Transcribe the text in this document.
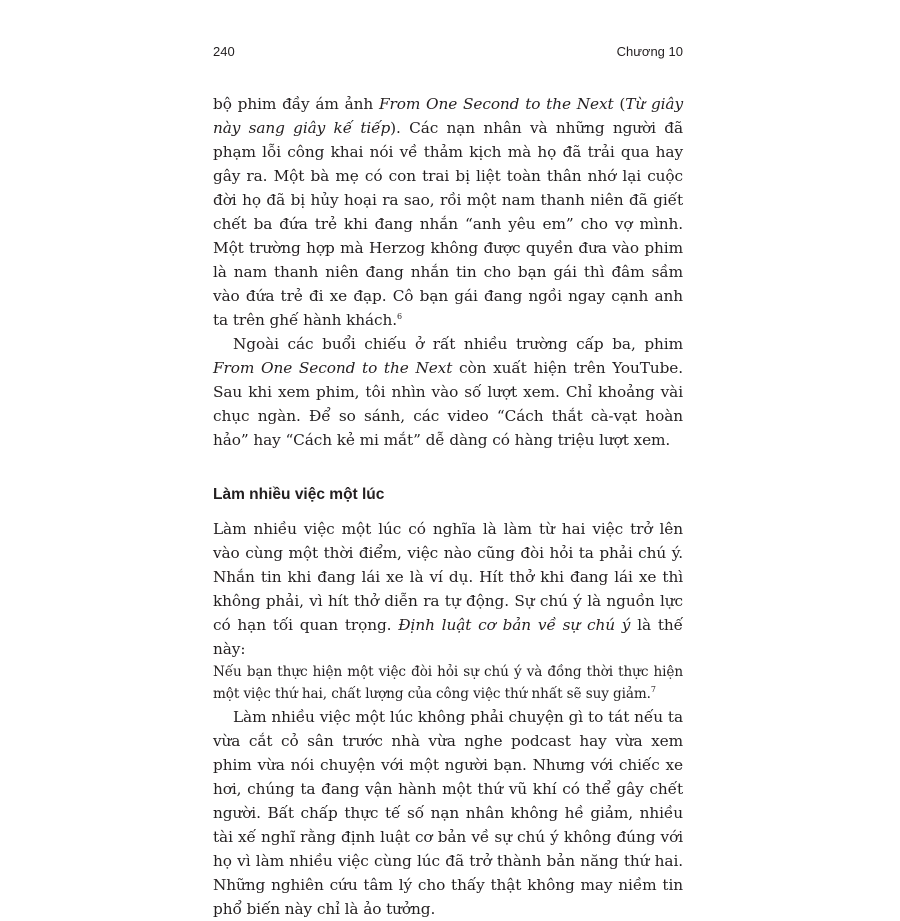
240	Chương 10

bộ phim đầy ám ảnh From One Second to the Next (Từ giây này sang giây kế tiếp). Các nạn nhân và những người đã phạm lỗi công khai nói về thảm kịch mà họ đã trải qua hay gây ra. Một bà mẹ có con trai bị liệt toàn thân nhớ lại cuộc đời họ đã bị hủy hoại ra sao, rồi một nam thanh niên đã giết chết ba đứa trẻ khi đang nhắn “anh yêu em” cho vợ mình. Một trường hợp mà Herzog không được quyền đưa vào phim là nam thanh niên đang nhắn tin cho bạn gái thì đâm sầm vào đứa trẻ đi xe đạp. Cô bạn gái đang ngồi ngay cạnh anh ta trên ghế hành khách.$^6$

Ngoài các buổi chiếu ở rất nhiều trường cấp ba, phim From One Second to the Next còn xuất hiện trên YouTube. Sau khi xem phim, tôi nhìn vào số lượt xem. Chỉ khoảng vài chục ngàn. Để so sánh, các video “Cách thắt cà-vạt hoàn hảo” hay “Cách kẻ mi mắt” dễ dàng có hàng triệu lượt xem.

Làm nhiều việc một lúc

Làm nhiều việc một lúc có nghĩa là làm từ hai việc trở lên vào cùng một thời điểm, việc nào cũng đòi hỏi ta phải chú ý. Nhắn tin khi đang lái xe là ví dụ. Hít thở khi đang lái xe thì không phải, vì hít thở diễn ra tự động. Sự chú ý là nguồn lực có hạn tối quan trọng. Định luật cơ bản về sự chú ý là thế này:

Nếu bạn thực hiện một việc đòi hỏi sự chú ý và đồng thời thực hiện một việc thứ hai, chất lượng của công việc thứ nhất sẽ suy giảm.$^7$

Làm nhiều việc một lúc không phải chuyện gì to tát nếu ta vừa cắt cỏ sân trước nhà vừa nghe podcast hay vừa xem phim vừa nói chuyện với một người bạn. Nhưng với chiếc xe hơi, chúng ta đang vận hành một thứ vũ khí có thể gây chết người. Bất chấp thực tế số nạn nhân không hề giảm, nhiều tài xế nghĩ rằng định luật cơ bản về sự chú ý không đúng với họ vì làm nhiều việc cùng lúc đã trở thành bản năng thứ hai. Những nghiên cứu tâm lý cho thấy thật không may niềm tin phổ biến này chỉ là ảo tưởng.
